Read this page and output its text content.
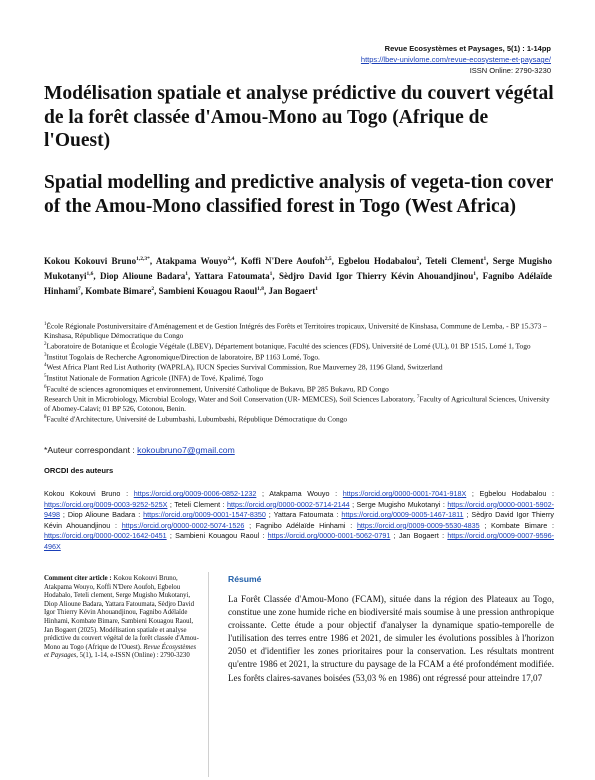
Revue Ecosystèmes et Paysages, 5(1) : 1-14pp
https://lbev-univlome.com/revue-ecosysteme-et-paysage/
ISSN Online: 2790-3230
Modélisation spatiale et analyse prédictive du couvert végétal de la forêt classée d'Amou-Mono au Togo (Afrique de l'Ouest)
Spatial modelling and predictive analysis of vegeta-tion cover of the Amou-Mono classified forest in Togo (West Africa)
Kokou Kokouvi Bruno$^{1,2,3*}$, Atakpama Wouyo$^{2,4}$, Koffi N'Dere Aoufoh$^{2,5}$, Egbelou Hodabalou$^2$, Teteli Clement$^1$, Serge Mugisho Mukotanyi$^{1,6}$, Diop Alioune Badara$^1$, Yattara Fatoumata$^1$, Sèdjro David Igor Thierry Kévin Ahouandjinou$^1$, Fagnibo Adélaïde Hinhami$^7$, Kombate Bimare$^2$, Sambieni Kouagou Raoul$^{1,8}$, Jan Bogaert$^1$
$^1$École Régionale Postuniversitaire d'Aménagement et de Gestion Intégrés des Forêts et Territoires tropicaux, Université de Kinshasa, Commune de Lemba, - BP 15.373 – Kinshasa, République Démocratique du Congo
$^2$Laboratoire de Botanique et Écologie Végétale (LBEV), Département botanique, Faculté des sciences (FDS), Université de Lomé (UL), 01 BP 1515, Lomé 1, Togo
$^3$Institut Togolais de Recherche Agronomique/Direction de laboratoire, BP 1163 Lomé, Togo.
$^4$West Africa Plant Red List Authority (WAPRLA), IUCN Species Survival Commission, Rue Mauverney 28, 1196 Gland, Switzerland
$^5$Institut Nationale de Formation Agricole (INFA) de Tové, Kpalimé, Togo
$^6$Faculté de sciences agronomiques et environnement, Université Catholique de Bukavu, BP 285 Bukavu, RD Congo
Research Unit in Microbiology, Microbial Ecology, Water and Soil Conservation (UR- MEMCES), Soil Sciences Laboratory, $^7$Faculty of Agricultural Sciences, University of Abomey-Calavi; 01 BP 526, Cotonou, Benin.
$^8$Faculté d'Architecture, Université de Lubumbashi, Lubumbashi, République Démocratique du Congo
*Auteur correspondant : kokoubruno7@gmail.com
ORCDI des auteurs
Kokou Kokouvi Bruno : https://orcid.org/0009-0006-0852-1232 ; Atakpama Wouyo : https://orcid.org/0000-0001-7041-918X ; Egbelou Hodabalou : https://orcid.org/0009-0003-9252-525X ; Teteli Clement : https://orcid.org/0000-0002-5714-2144 ; Serge Mugisho Mukotanyi : https://orcid.org/0000-0001-5902-9498 ; Diop Alioune Badara : https://orcid.org/0009-0001-1547-8350 ; Yattara Fatoumata : https://orcid.org/0009-0005-1467-1811 ; Sèdjro David Igor Thierry Kévin Ahouandjinou : https://orcid.org/0000-0002-5074-1526 ; Fagnibo Adélaïde Hinhami : https://orcid.org/0009-0009-5530-4835 ; Kombate Bimare : https://orcid.org/0000-0002-1642-0451 ; Sambieni Kouagou Raoul : https://orcid.org/0000-0001-5062-0791 ; Jan Bogaert : https://orcid.org/0009-0007-9596-496X
Comment citer article : Kokou Kokouvi Bruno, Atakpama Wouyo, Koffi N'Dere Aoufoh, Egbelou Hodabalo, Teteli clement, Serge Mugisho Mukotanyi, Diop Alioune Badara, Yattara Fatoumata, Sèdjro David Igor Thierry Kévin Ahouandjinou, Fagnibo Adélaïde Hinhami, Kombate Bimare, Sambieni Kouagou Raoul, Jan Bogaert (2025). Modélisation spatiale et analyse prédictive du couvert végétal de la forêt classée d'Amou-Mono au Togo (Afrique de l'Ouest). Revue Écosystèmes et Paysages, 5(1), 1-14, e-ISSN (Online) : 2790-3230
Résumé
La Forêt Classée d'Amou-Mono (FCAM), située dans la région des Plateaux au Togo, constitue une zone humide riche en biodiversité mais soumise à une pression anthropique croissante. Cette étude a pour objectif d'analyser la dynamique spatio-temporelle de l'utilisation des terres entre 1986 et 2021, de simuler les évolutions possibles à l'horizon 2050 et d'identifier les zones prioritaires pour la conservation. Les résultats montrent qu'entre 1986 et 2021, la structure du paysage de la FCAM a été profondément modifiée. Les forêts claires-savanes boisées (53,03 % en 1986) ont régressé pour atteindre 17,07
